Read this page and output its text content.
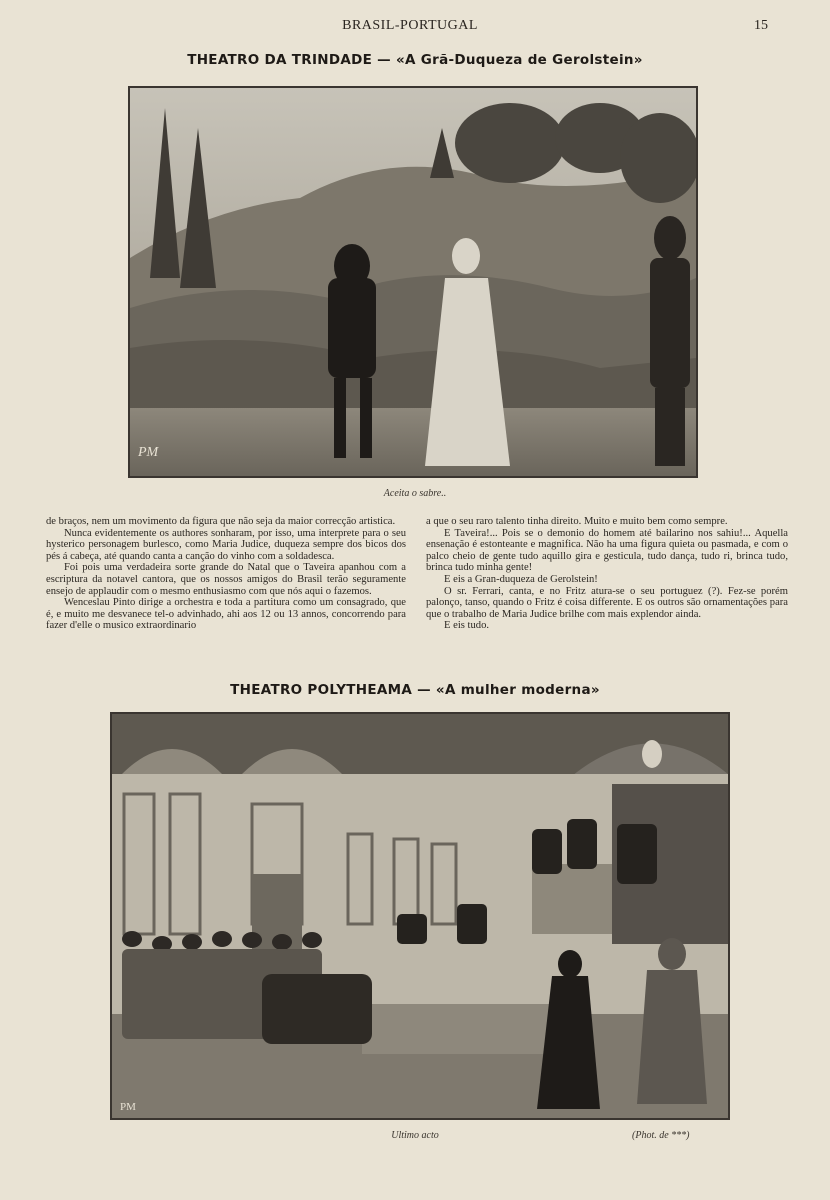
BRASIL-PORTUGAL	15
THEATRO DA TRINDADE — «A Grã-Duqueza de Gerolstein»
PM
Aceita o sabre..

de braços, nem um movimento da figura que não seja da maior correcção artistica.

Nunca evidentemente os authores sonharam, por isso, uma interprete para o seu hysterico personagem burlesco, como Maria Judice, duqueza sempre dos bicos dos pés á cabeça, até quando canta a canção do vinho com a soldadesca.

Foi pois uma verdadeira sorte grande do Natal que o Taveira apanhou com a escriptura da notavel cantora, que os nossos amigos do Brasil terão seguramente ensejo de applaudir com o mesmo enthusiasmo com que nós aqui o fazemos.

Wenceslau Pinto dirige a orchestra e toda a partitura como um consagrado, que é, e muito me desvanece tel-o advinhado, ahi aos 12 ou 13 annos, concorrendo para fazer d'elle o musico extraordinario

a que o seu raro talento tinha direito. Muito e muito bem como sempre.

E Taveira!... Pois se o demonio do homem até bailarino nos sahiu!... Aquella ensenação é estonteante e magnifica. Não ha uma figura quieta ou pasmada, e com o palco cheio de gente tudo aquillo gira e gesticula, tudo dança, tudo ri, brinca tudo, brinca tudo minha gente!

E eis a Gran-duqueza de Gerolstein!

O sr. Ferrari, canta, e no Fritz atura-se o seu portuguez (?). Fez-se porém palonço, tanso, quando o Fritz é coisa differente. E os outros são ornamentações para que o trabalho de Maria Judice brilhe com mais explendor ainda.

E eis tudo.

THEATRO POLYTHEAMA — «A mulher moderna»
PM
Ultimo acto	(Phot. de ***)
